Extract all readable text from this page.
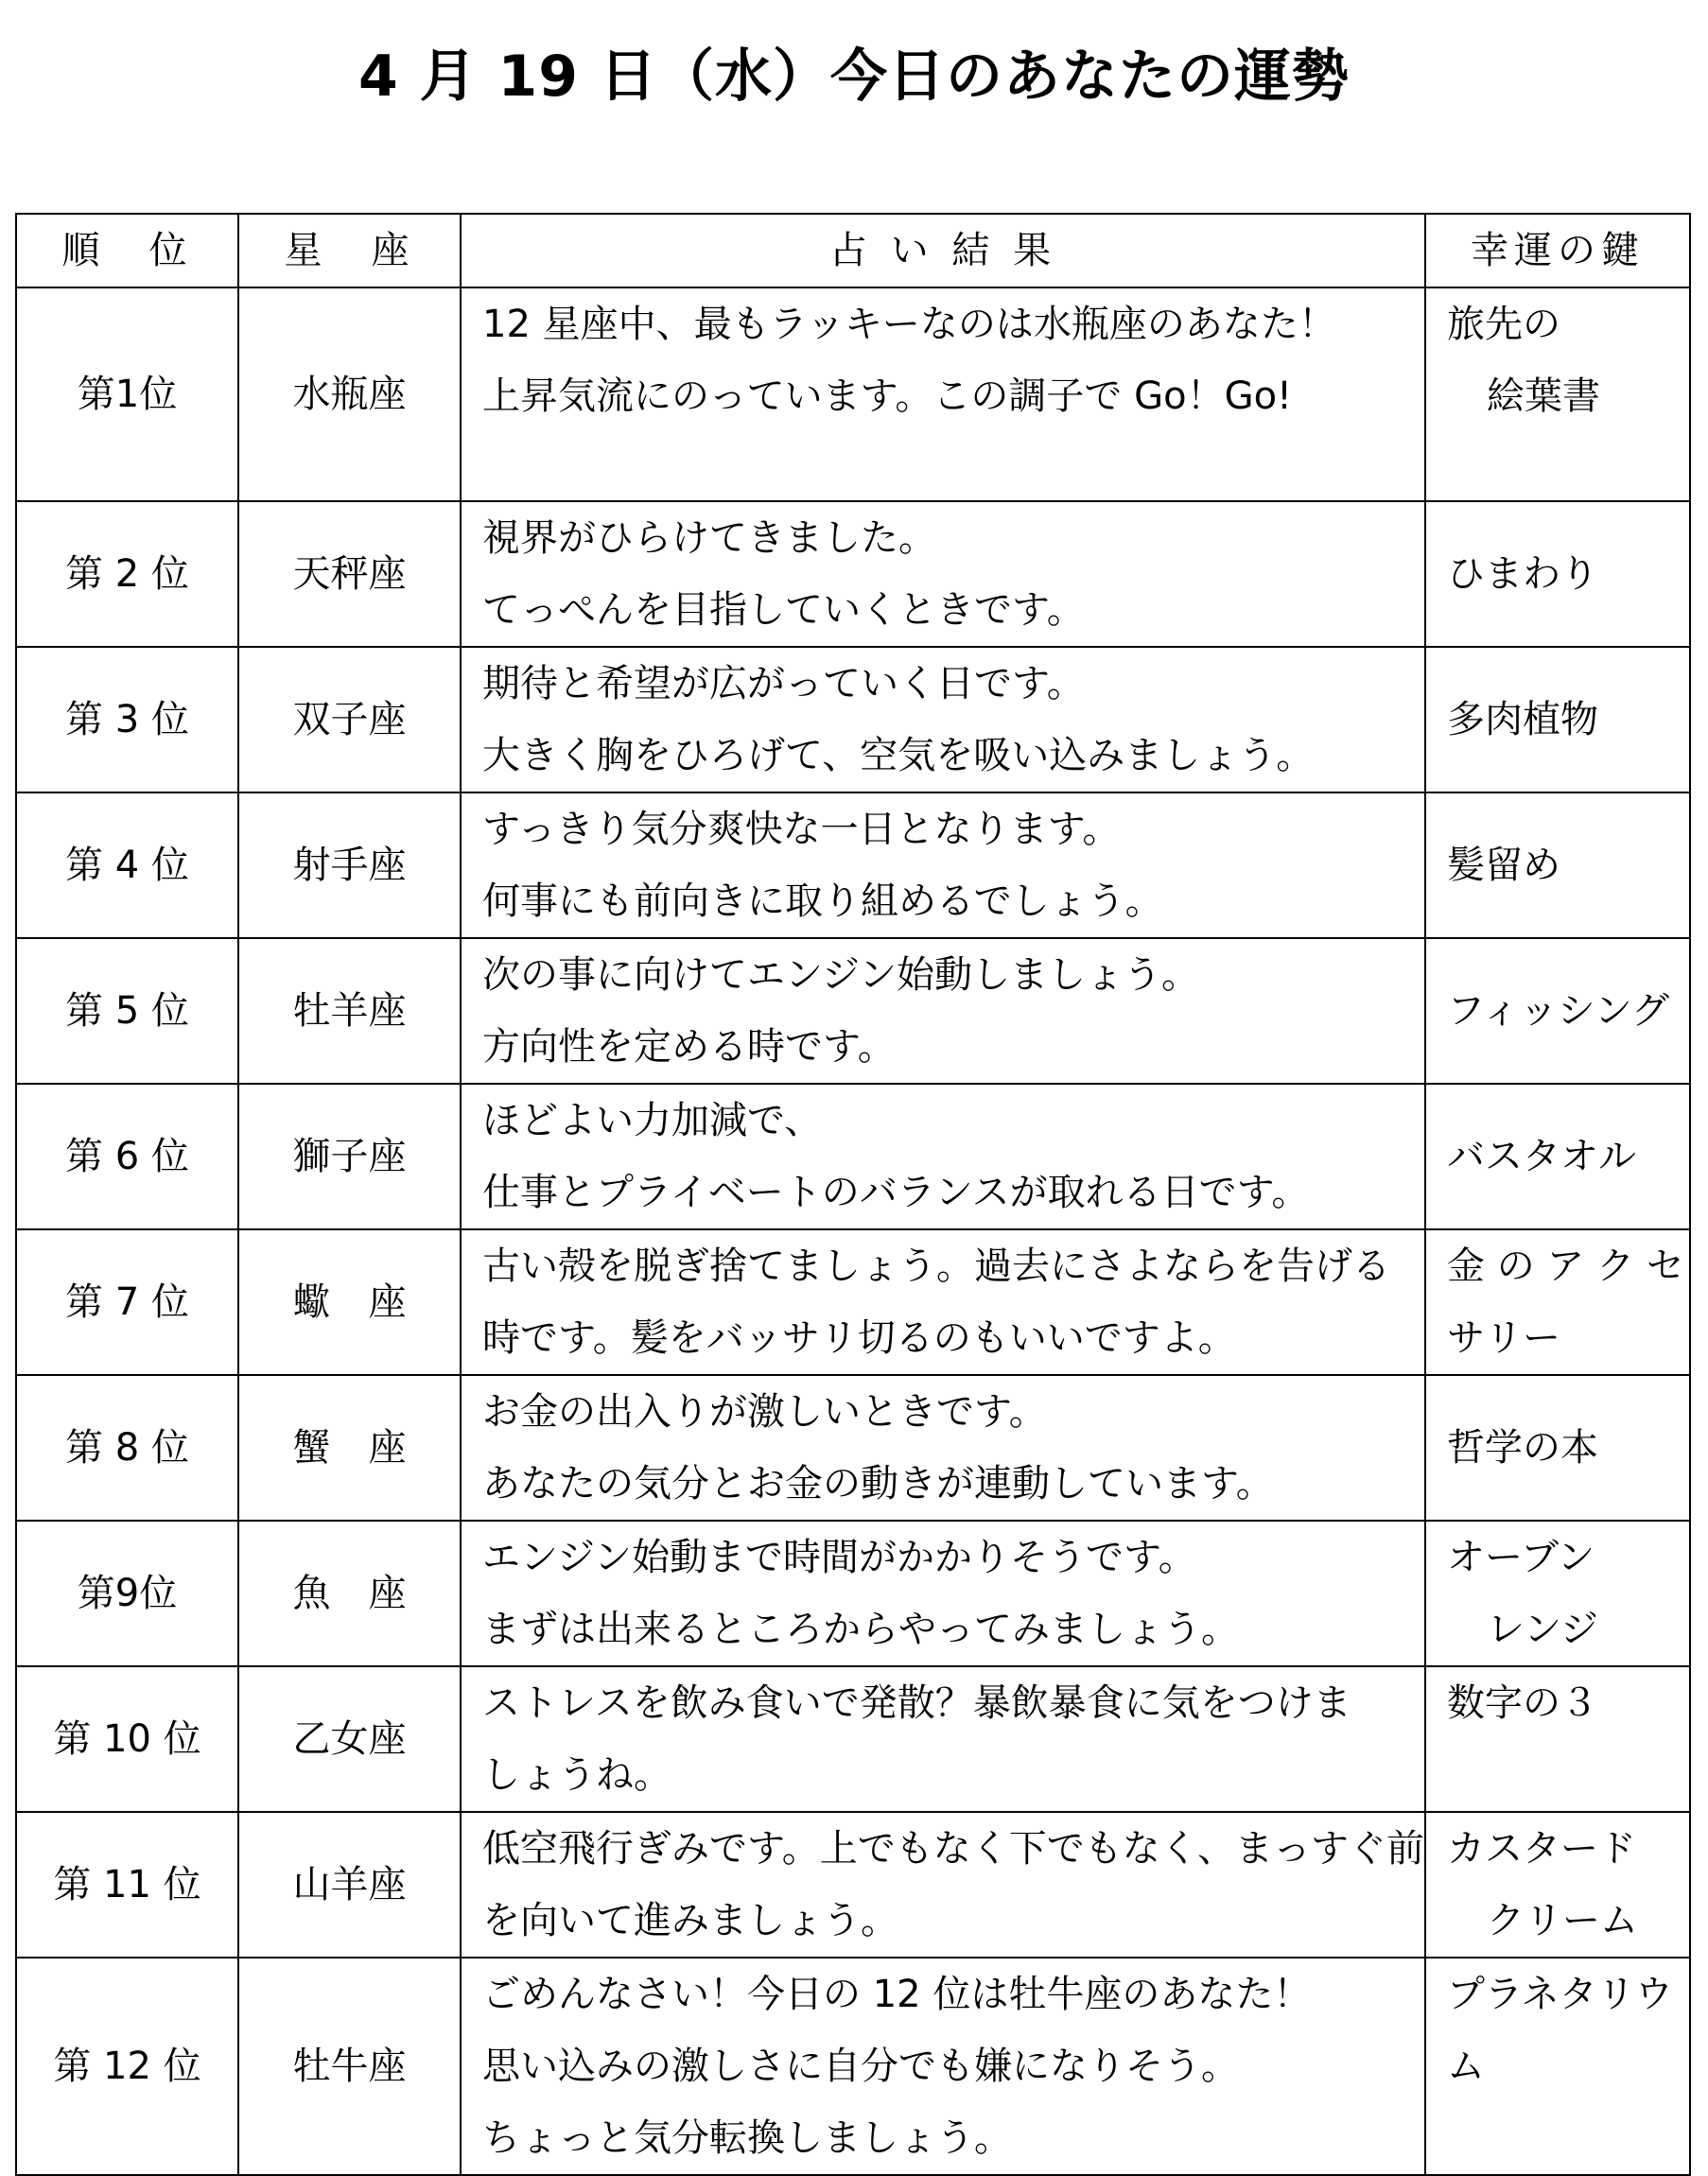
4 月 19 日（水）今日のあなたの運勢
順　位	星　座	占 い 結 果	幸運の鍵
第1位	水瓶座	12 星座中、最もラッキーなのは水瓶座のあなた！
上昇気流にのっています。この調子で Go！Go!	旅先の
絵葉書

第 2 位	天秤座	視界がひらけてきました。
てっぺんを目指していくときです。	ひまわり

第 3 位	双子座	期待と希望が広がっていく日です。
大きく胸をひろげて、空気を吸い込みましょう。	多肉植物

第 4 位	射手座	すっきり気分爽快な一日となります。
何事にも前向きに取り組めるでしょう。	髪留め

第 5 位	牡羊座	次の事に向けてエンジン始動しましょう。
方向性を定める時です。	フィッシング

第 6 位	獅子座	ほどよい力加減で、
仕事とプライベートのバランスが取れる日です。	バスタオル

第 7 位	蠍　座	古い殻を脱ぎ捨てましょう。過去にさよならを告げる
時です。髪をバッサリ切るのもいいですよ。	金 の ア ク セ
サリー

第 8 位	蟹　座	お金の出入りが激しいときです。
あなたの気分とお金の動きが連動しています。	哲学の本

第9位	魚　座	エンジン始動まで時間がかかりそうです。
まずは出来るところからやってみましょう。	オーブン
レンジ

第 10 位	乙女座	ストレスを飲み食いで発散？暴飲暴食に気をつけま
しょうね。	数字の３

第 11 位	山羊座	低空飛行ぎみです。上でもなく下でもなく、まっすぐ前
を向いて進みましょう。	カスタード
クリーム

第 12 位	牡牛座	ごめんなさい！今日の 12 位は牡牛座のあなた！
思い込みの激しさに自分でも嫌になりそう。
ちょっと気分転換しましょう。	プラネタリウ
ム
